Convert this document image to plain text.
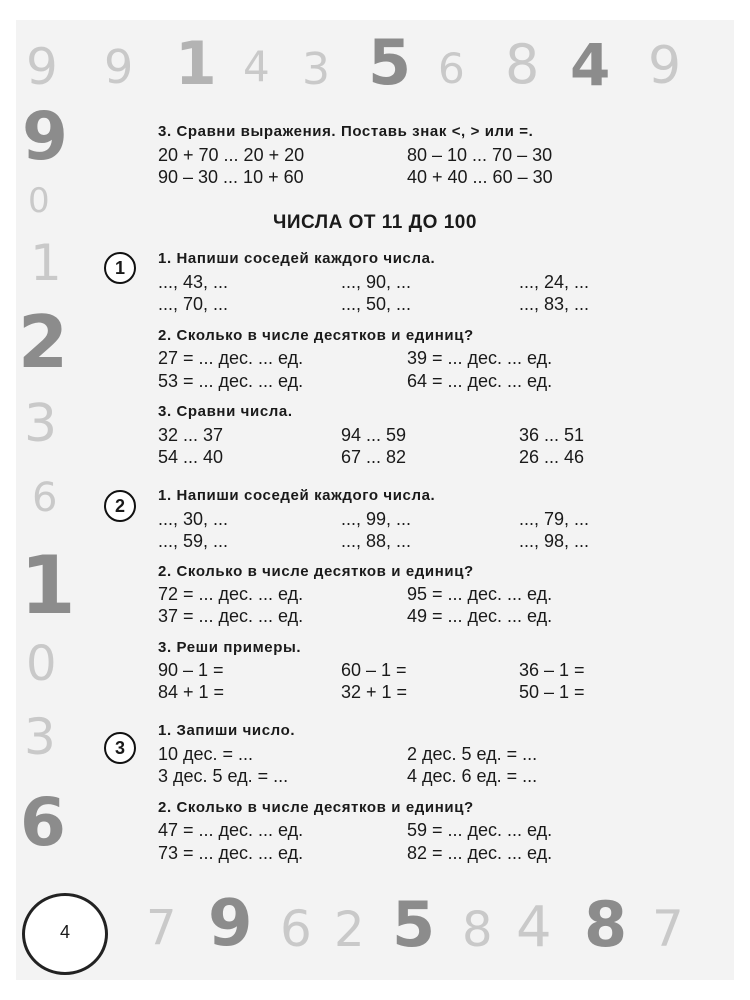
9 9 1 4 3 5 6 8 4 9
9
0
1
2
3
6
1
0
3
6
7 9 6 2 5 8 4 8 7
4
3. Сравни выражения. Поставь знак <, > или =.
20 + 70 ... 20 + 20	80 – 10 ... 70 – 30
90 – 30 ... 10 + 60	40 + 40 ... 60 – 30
ЧИСЛА ОТ 11 ДО 100
1	1. Напиши соседей каждого числа.
..., 43, ...	..., 90, ...	..., 24, ...
..., 70, ...	..., 50, ...	..., 83, ...
2. Сколько в числе десятков и единиц?
27 = ... дес. ... ед.	39 = ... дес. ... ед.
53 = ... дес. ... ед.	64 = ... дес. ... ед.
3. Сравни числа.
32 ... 37	94 ... 59	36 ... 51
54 ... 40	67 ... 82	26 ... 46
2
1. Напиши соседей каждого числа.
..., 30, ...	..., 99, ...	..., 79, ...
..., 59, ...	..., 88, ...	..., 98, ...
2. Сколько в числе десятков и единиц?
72 = ... дес. ... ед.	95 = ... дес. ... ед.
37 = ... дес. ... ед.	49 = ... дес. ... ед.
3. Реши примеры.
90 – 1 =	60 – 1 =	36 – 1 =
84 + 1 =	32 + 1 =	50 – 1 =
3
1. Запиши число.
10 дес. = ...	2 дес. 5 ед. = ...
3 дес. 5 ед. = ...	4 дес. 6 ед. = ...
2. Сколько в числе десятков и единиц?
47 = ... дес. ... ед.	59 = ... дес. ... ед.
73 = ... дес. ... ед.	82 = ... дес. ... ед.
